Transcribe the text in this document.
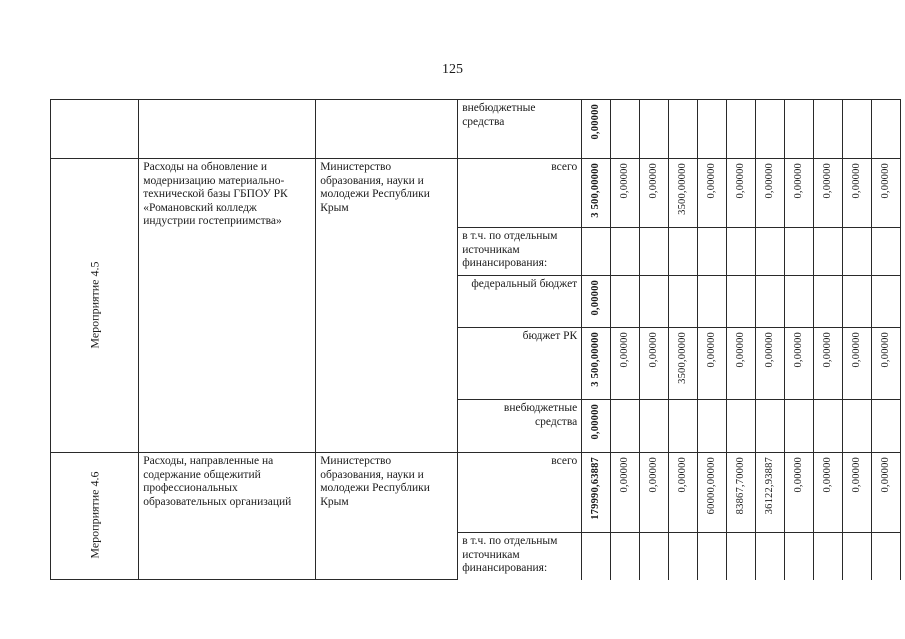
125
			внебюджетные средства	0,00000										

Мероприятие 4.5	Расходы на обновление и модернизацию материально-технической базы ГБПОУ РК «Романовский колледж индустрии гостеприимства»	Министерство образования, науки и молодежи Республики Крым	всего	3 500,00000	0,00000	0,00000	3500,00000	0,00000	0,00000	0,00000	0,00000	0,00000	0,00000	0,00000

			в т.ч. по отдельным источникам финансирования:											
			федеральный бюджет	0,00000										

			бюджет РК	3 500,00000	0,00000	0,00000	3500,00000	0,00000	0,00000	0,00000	0,00000	0,00000	0,00000	0,00000

			внебюджетные средства	0,00000										

Мероприятие 4.6	Расходы, направленные на содержание общежитий профессиональных образовательных организаций	Министерство образования, науки и молодежи Республики Крым	всего	179990,63887	0,00000	0,00000	0,00000	60000,00000	83867,70000	36122,93887	0,00000	0,00000	0,00000	0,00000

			в т.ч. по отдельным источникам финансирования:											
